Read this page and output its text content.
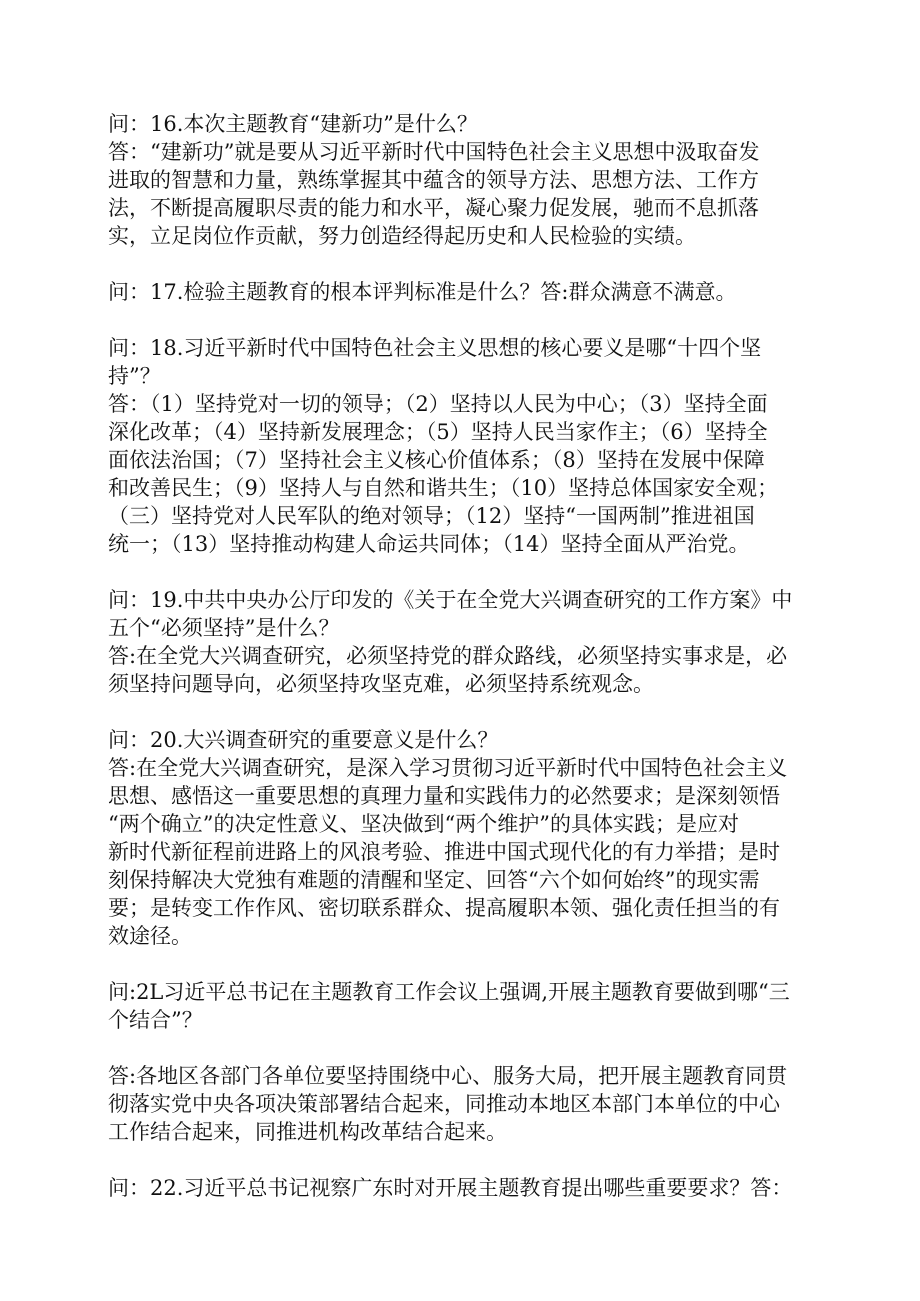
问：16.本次主题教育“建新功”是什么？
答：“建新功”就是要从习近平新时代中国特色社会主义思想中汲取奋发
进取的智慧和力量，熟练掌握其中蕴含的领导方法、思想方法、工作方
法，不断提高履职尽责的能力和水平，凝心聚力促发展，驰而不息抓落
实，立足岗位作贡献，努力创造经得起历史和人民检验的实绩。
问：17.检验主题教育的根本评判标准是什么？答:群众满意不满意。
问：18.习近平新时代中国特色社会主义思想的核心要义是哪“十四个坚
持”？
答：（1）坚持党对一切的领导；（2）坚持以人民为中心；（3）坚持全面
深化改革；（4）坚持新发展理念；（5）坚持人民当家作主；（6）坚持全
面依法治国；（7）坚持社会主义核心价值体系；（8）坚持在发展中保障
和改善民生；（9）坚持人与自然和谐共生；（10）坚持总体国家安全观；
（三）坚持党对人民军队的绝对领导；（12）坚持“一国两制”推进祖国
统一；（13）坚持推动构建人命运共同体；（14）坚持全面从严治党。
问：19.中共中央办公厅印发的《关于在全党大兴调查研究的工作方案》中
五个“必须坚持”是什么？
答:在全党大兴调查研究，必须坚持党的群众路线，必须坚持实事求是，必
须坚持问题导向，必须坚持攻坚克难，必须坚持系统观念。
问：20.大兴调查研究的重要意义是什么？
答:在全党大兴调查研究，是深入学习贯彻习近平新时代中国特色社会主义
思想、感悟这一重要思想的真理力量和实践伟力的必然要求；是深刻领悟
“两个确立”的决定性意义、坚决做到“两个维护”的具体实践；是应对
新时代新征程前进路上的风浪考验、推进中国式现代化的有力举措；是时
刻保持解决大党独有难题的清醒和坚定、回答“六个如何始终”的现实需
要；是转变工作作风、密切联系群众、提高履职本领、强化责任担当的有
效途径。
问:2L习近平总书记在主题教育工作会议上强调,开展主题教育要做到哪“三
个结合”？
答:各地区各部门各单位要坚持围绕中心、服务大局，把开展主题教育同贯
彻落实党中央各项决策部署结合起来，同推动本地区本部门本单位的中心
工作结合起来，同推进机构改革结合起来。
问：22.习近平总书记视察广东时对开展主题教育提出哪些重要要求？答：
